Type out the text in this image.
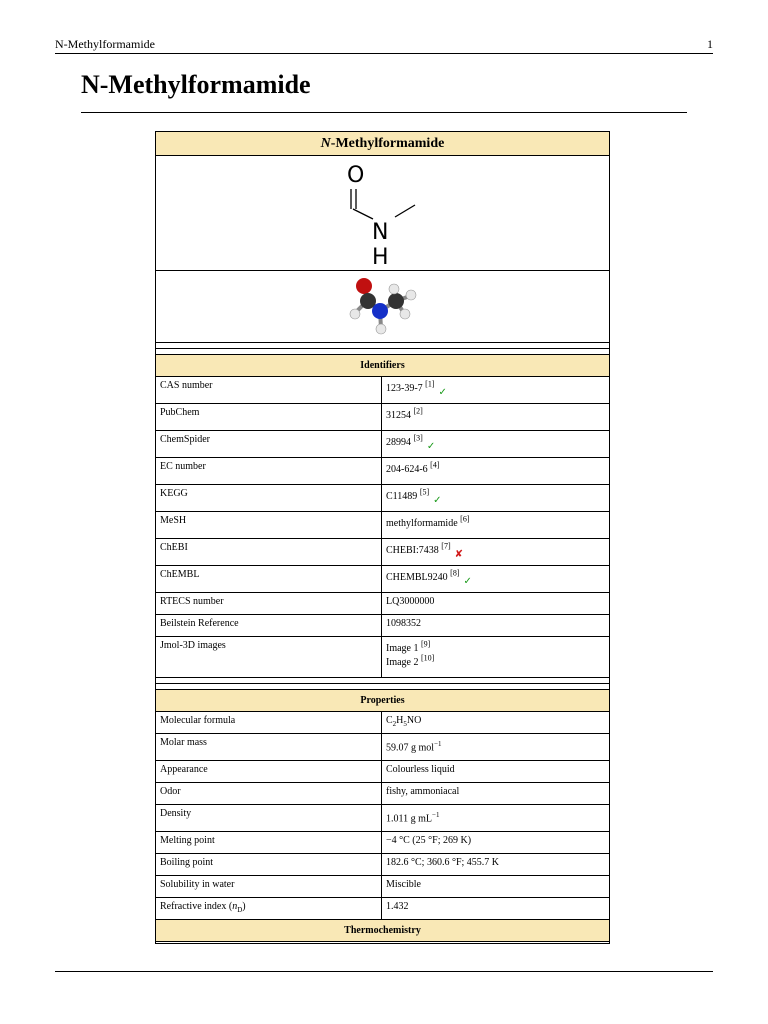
N-Methylformamide	1
N-Methylformamide
N-Methylformamide
O
N
H
Identifiers
CAS number	123-39-7 [1]✓
PubChem	31254 [2]
ChemSpider	28994 [3]✓
EC number	204-624-6 [4]
KEGG	C11489 [5]✓
MeSH	methylformamide [6]
ChEBI	CHEBI:7438 [7]✘
ChEMBL	CHEMBL9240 [8]✓
RTECS number	LQ3000000
Beilstein Reference	1098352
Jmol-3D images	Image 1 [9]
Image 2 [10]
Properties
Molecular formula	$C_2H_5NO$
Molar mass	59.07 g mol$^{-1}$
Appearance	Colourless liquid
Odor	fishy, ammoniacal
Density	1.011 g $mL^{-1}$
Melting point	−4 °C (25 °F; 269 K)
Boiling point	182.6 °C; 360.6 °F; 455.7 K
Solubility in water	Miscible
Refractive index $(n_D)$	1.432
Thermochemistry
